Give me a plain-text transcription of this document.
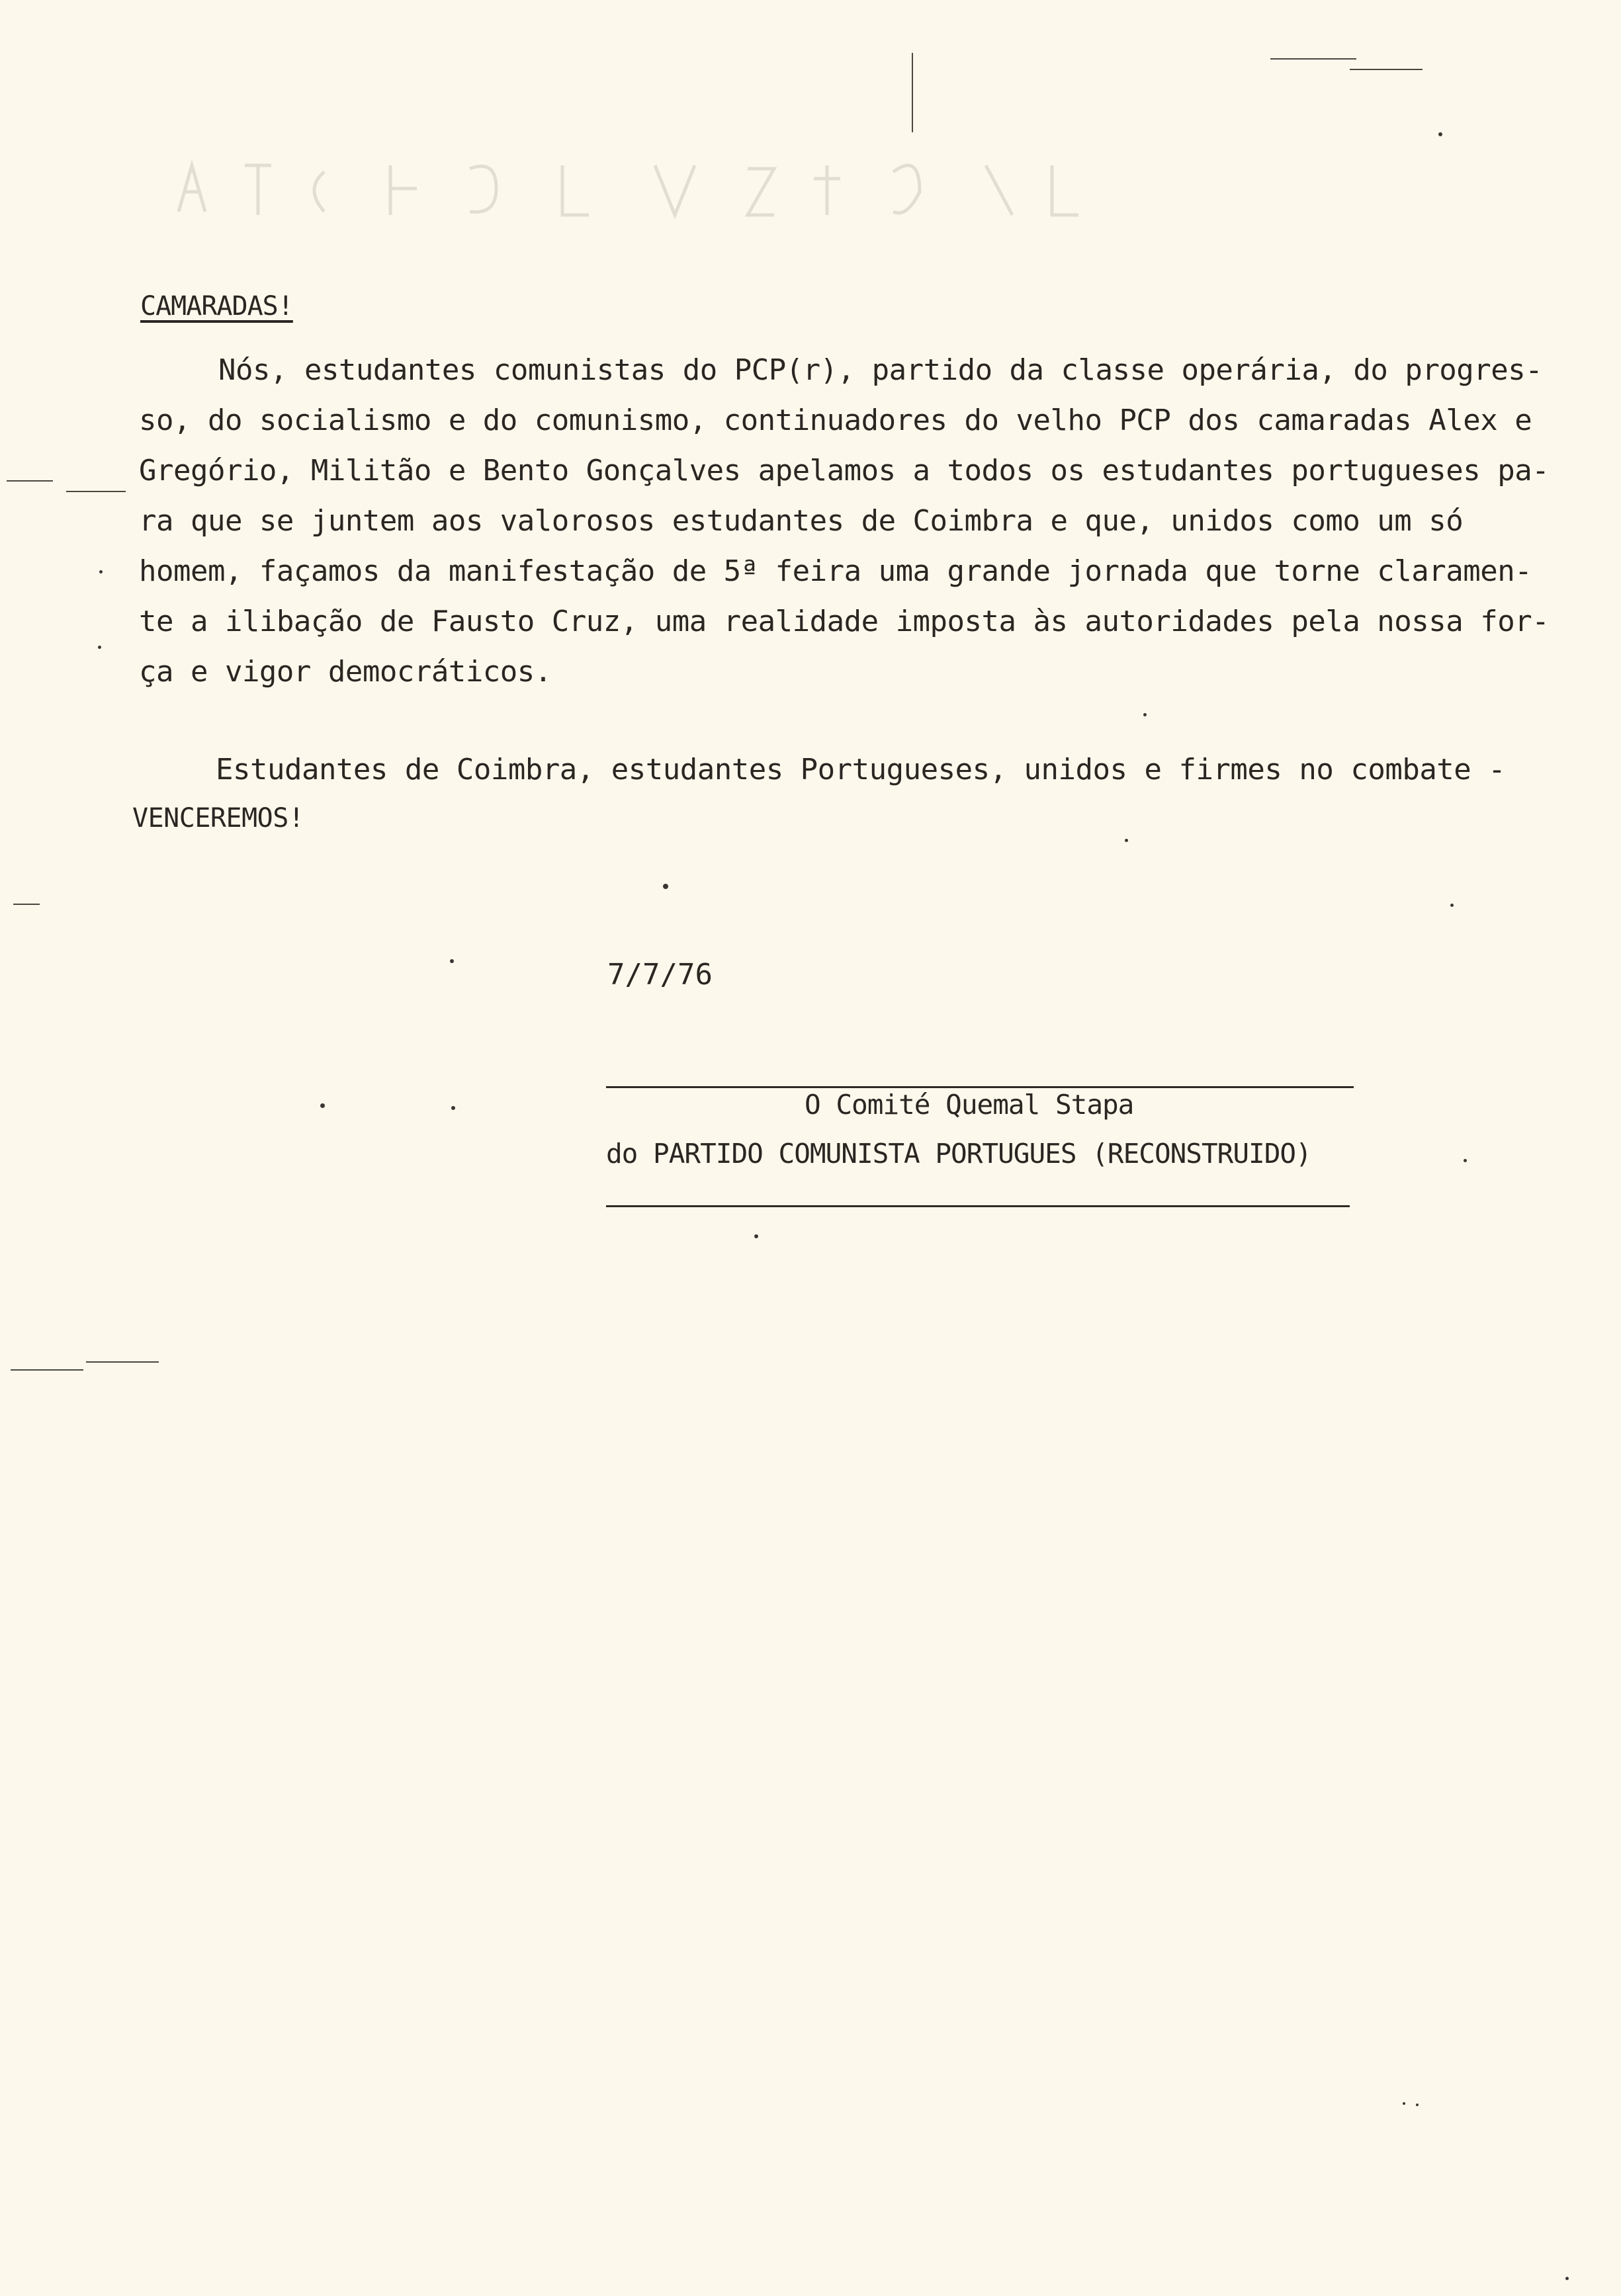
CAMARADAS!
Nós, estudantes comunistas do PCP(r), partido da classe operária, do progres-
so, do socialismo e do comunismo, continuadores do velho PCP dos camaradas Alex e
Gregório, Militão e Bento Gonçalves apelamos a todos os estudantes portugueses pa-
ra que se juntem aos valorosos estudantes de Coimbra e que, unidos como um só
homem, façamos da manifestação de 5ª feira uma grande jornada que torne claramen-
te a ilibação de Fausto Cruz, uma realidade imposta às autoridades pela nossa for-
ça e vigor democráticos.
Estudantes de Coimbra, estudantes Portugueses, unidos e firmes no combate -
VENCEREMOS!
7/7/76
O Comité Quemal Stapa
do PARTIDO COMUNISTA PORTUGUES (RECONSTRUIDO)
